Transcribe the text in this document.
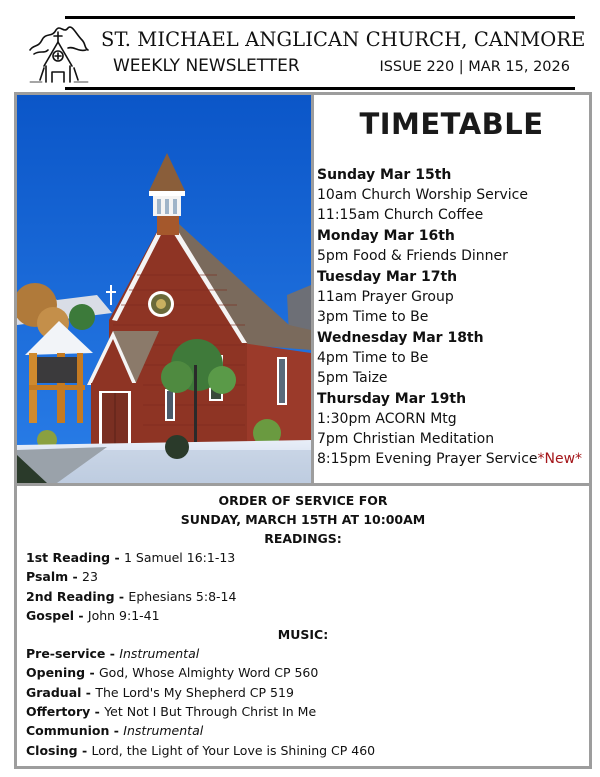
ST. MICHAEL ANGLICAN CHURCH, CANMORE
WEEKLY NEWSLETTER	ISSUE 220 | MAR 15, 2026
TIMETABLE
Sunday Mar 15th
10am Church Worship Service
11:15am Church Coffee
Monday Mar 16th
5pm Food & Friends Dinner
Tuesday Mar 17th
11am Prayer Group
3pm Time to Be
Wednesday Mar 18th
4pm Time to Be
5pm Taize
Thursday Mar 19th
1:30pm ACORN Mtg
7pm Christian Meditation
8:15pm Evening Prayer Service*New*
ORDER OF SERVICE FOR
SUNDAY, MARCH 15TH AT 10:00AM
READINGS:
1st Reading - 1 Samuel 16:1-13
Psalm - 23
2nd Reading - Ephesians 5:8-14
Gospel - John 9:1-41
MUSIC:
Pre-service - Instrumental
Opening - God, Whose Almighty Word CP 560
Gradual - The Lord's My Shepherd CP 519
Offertory - Yet Not I But Through Christ In Me
Communion - Instrumental
Closing - Lord, the Light of Your Love is Shining CP 460
